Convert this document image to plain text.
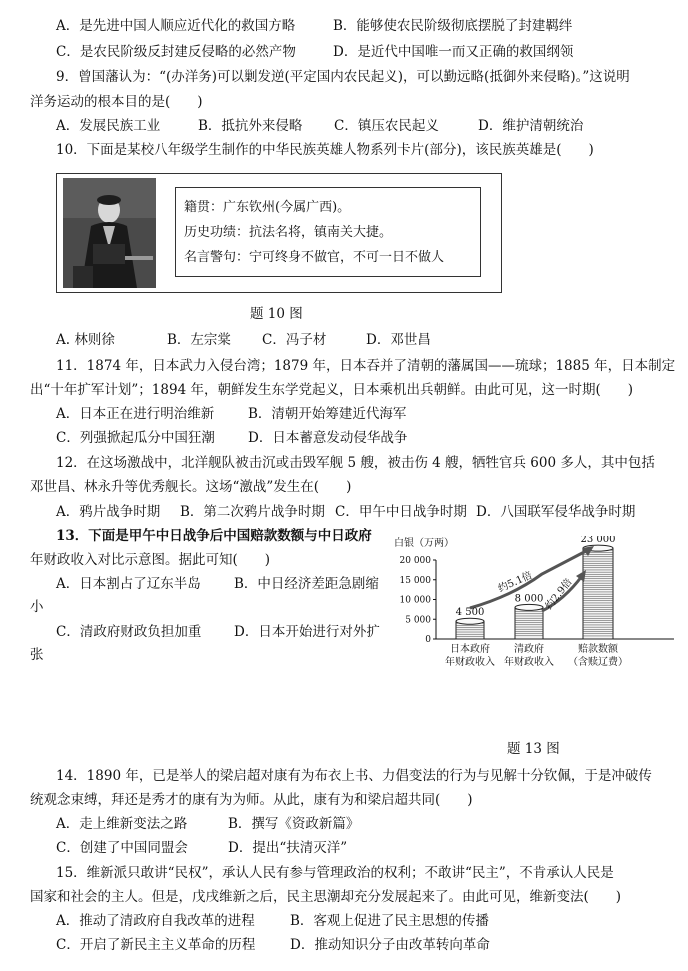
A．是先进中国人顺应近代化的救国方略	B．能够使农民阶级彻底摆脱了封建羁绊
C．是农民阶级反封建反侵略的必然产物	D．是近代中国唯一而又正确的救国纲领
9．曾国藩认为：“(办洋务)可以剿发逆(平定国内农民起义)，可以勤远略(抵御外来侵略)。”这说明
洋务运动的根本目的是(　　)
A．发展民族工业	B．抵抗外来侵略 C．镇压农民起义	D．维护清朝统治
10．下面是某校八年级学生制作的中华民族英雄人物系列卡片(部分)，该民族英雄是(　　)
籍贯：广东钦州(今属广西)。
历史功绩：抗法名将，镇南关大捷。
名言警句：宁可终身不做官，不可一日不做人
题 10 图
A. 林则徐	B．左宗棠 C．冯子材	D．邓世昌
11．1874 年，日本武力入侵台湾；1879 年，日本吞并了清朝的藩属国——琉球；1885 年，日本制定
出“十年扩军计划”；1894 年，朝鲜发生东学党起义，日本乘机出兵朝鲜。由此可见，这一时期(　　)
A．日本正在进行明治维新	B．清朝开始筹建近代海军
C．列强掀起瓜分中国狂潮 D．日本蓄意发动侵华战争
12．在这场激战中，北洋舰队被击沉或击毁军舰 5 艘，被击伤 4 艘，牺牲官兵 600 多人，其中包括
邓世昌、林永升等优秀舰长。这场“激战”发生在(　　)
A．鸦片战争时期 B．第二次鸦片战争时期 C．甲午中日战争时期 D．八国联军侵华战争时期
13．下面是甲午中日战争后中国赔款数额与中日政府
年财政收入对比示意图。据此可知(　　)
A．日本割占了辽东半岛 B．中日经济差距急剧缩
小
C．清政府财政负担加重 D．日本开始进行对外扩
张
白银（万两）
0
5 000
10 000
15 000
20 000
约5.1倍 约2.9倍
4 500
8 000
23 000
日本政府
年财政收入
清政府
年财政收入
赔款数额
（含赎辽费）
题 13 图
14．1890 年，已是举人的梁启超对康有为布衣上书、力倡变法的行为与见解十分钦佩，于是冲破传
统观念束缚，拜还是秀才的康有为为师。从此，康有为和梁启超共同(　　)
A．走上维新变法之路	B．撰写《资政新篇》
C．创建了中国同盟会	D．提出“扶清灭洋”
15．维新派只敢讲“民权”，承认人民有参与管理政治的权利；不敢讲“民主”，不肯承认人民是
国家和社会的主人。但是，戊戌维新之后，民主思潮却充分发展起来了。由此可见，维新变法(　　)
A．推动了清政府自我改革的进程	B．客观上促进了民主思想的传播
C．开启了新民主主义革命的历程	D．推动知识分子由改革转向革命
